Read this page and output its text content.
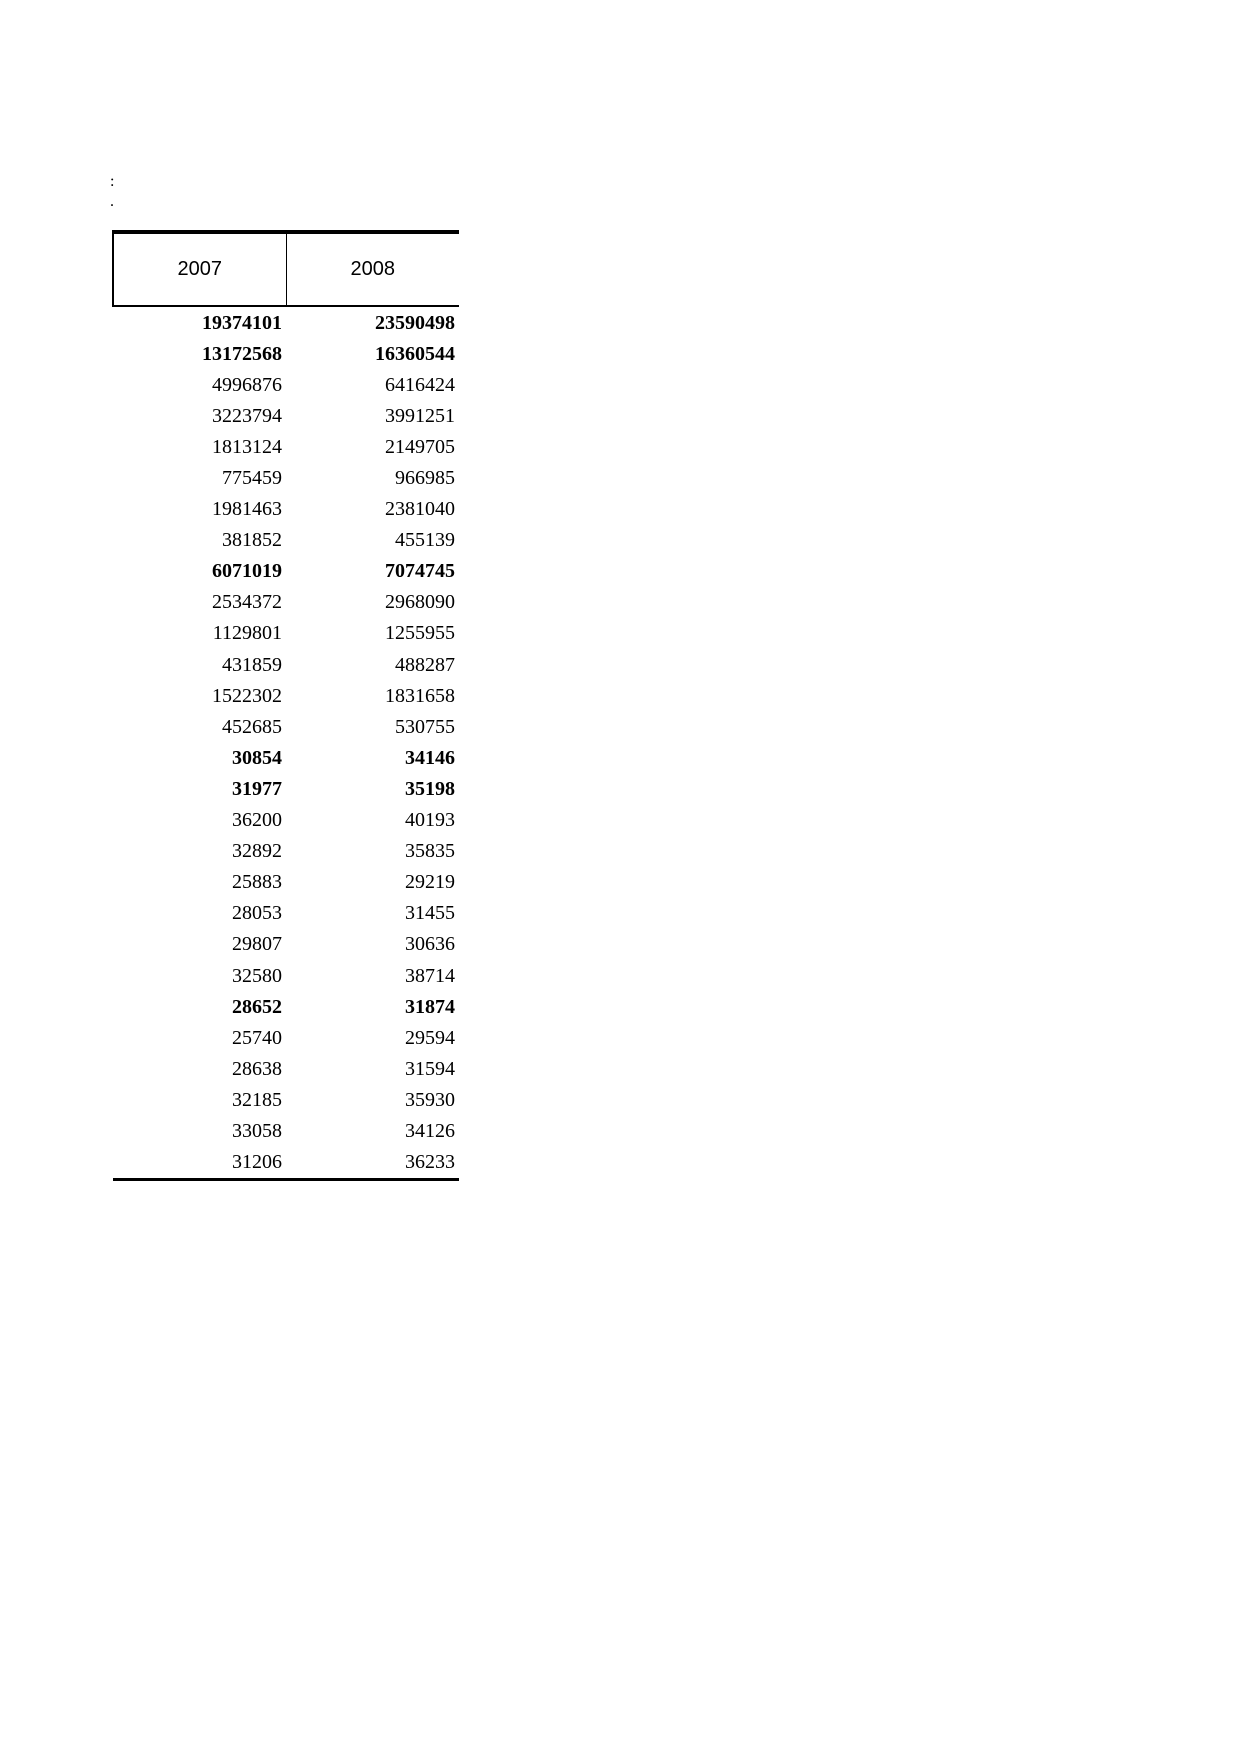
:
.
2007	2008
19374101	23590498
13172568	16360544
4996876	6416424
3223794	3991251
1813124	2149705
775459	966985
1981463	2381040
381852	455139
6071019	7074745
2534372	2968090
1129801	1255955
431859	488287
1522302	1831658
452685	530755
30854	34146
31977	35198
36200	40193
32892	35835
25883	29219
28053	31455
29807	30636
32580	38714
28652	31874
25740	29594
28638	31594
32185	35930
33058	34126
31206	36233
